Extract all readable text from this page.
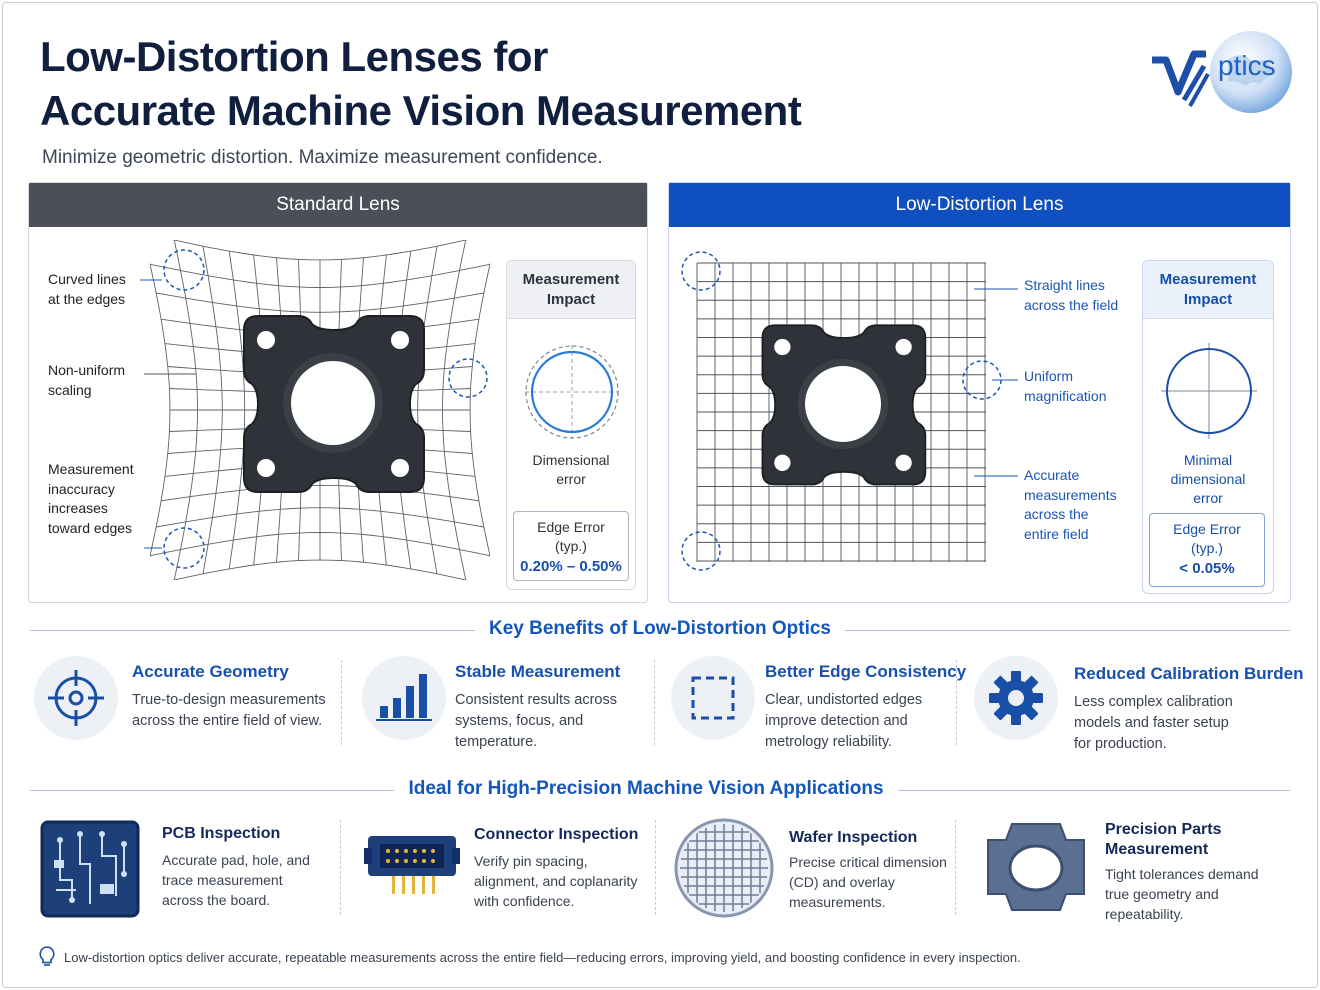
Low-Distortion Lenses for
Accurate Machine Vision Measurement
Minimize geometric distortion. Maximize measurement confidence.
ptics
Standard Lens
Curved lines
at the edges
Non-uniform
scaling
Measurement
inaccuracy
increases
toward edges
Measurement
Impact
Dimensional
error
Edge Error
(typ.)
0.20% – 0.50%
Low-Distortion Lens
Straight lines
across the field
Uniform
magnification
Accurate
measurements
across the
entire field
Measurement
Impact
Minimal
dimensional
error
Edge Error
(typ.)
< 0.05%
Key Benefits of Low-Distortion Optics
Accurate Geometry
True-to-design measurements
across the entire field of view.
Stable Measurement
Consistent results across
systems, focus, and
temperature.
Better Edge Consistency
Clear, undistorted edges
improve detection and
metrology reliability.
Reduced Calibration Burden
Less complex calibration
models and faster setup
for production.
Ideal for High-Precision Machine Vision Applications
PCB Inspection
Accurate pad, hole, and
trace measurement
across the board.
Connector Inspection
Verify pin spacing,
alignment, and coplanarity
with confidence.
Wafer Inspection
Precise critical dimension
(CD) and overlay
measurements.
Precision Parts
Measurement
Tight tolerances demand
true geometry and
repeatability.
Low-distortion optics deliver accurate, repeatable measurements across the entire field—reducing errors, improving yield, and boosting confidence in every inspection.
